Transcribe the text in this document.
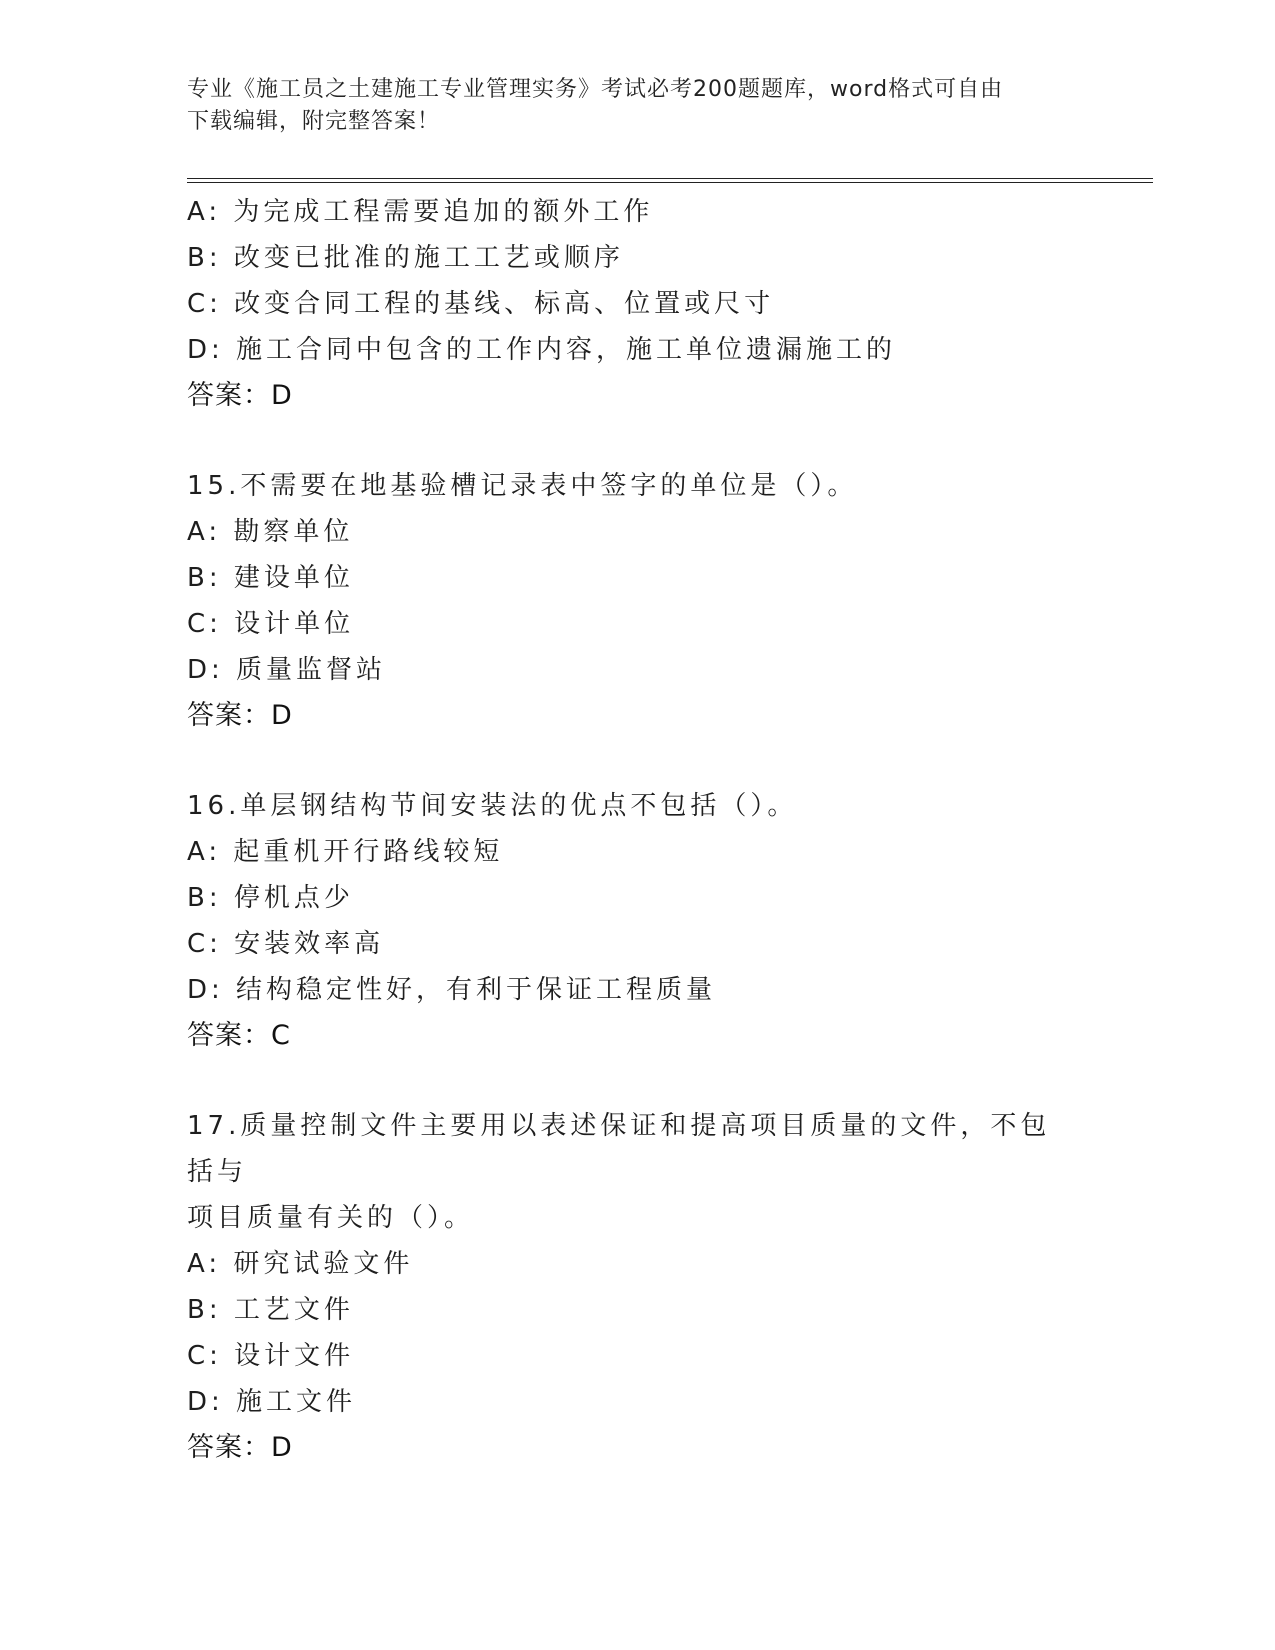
专业《施工员之土建施工专业管理实务》考试必考200题题库，word格式可自由
下载编辑，附完整答案！
A: 为完成工程需要追加的额外工作
B: 改变已批准的施工工艺或顺序
C: 改变合同工程的基线、标高、位置或尺寸
D: 施工合同中包含的工作内容，施工单位遗漏施工的
答案：D
15.不需要在地基验槽记录表中签字的单位是（）。
A: 勘察单位
B: 建设单位
C: 设计单位
D: 质量监督站
答案：D
16.单层钢结构节间安装法的优点不包括（）。
A: 起重机开行路线较短
B: 停机点少
C: 安装效率高
D: 结构稳定性好，有利于保证工程质量
答案：C
17.质量控制文件主要用以表述保证和提高项目质量的文件，不包括与
项目质量有关的（）。
A: 研究试验文件
B: 工艺文件
C: 设计文件
D: 施工文件
答案：D
